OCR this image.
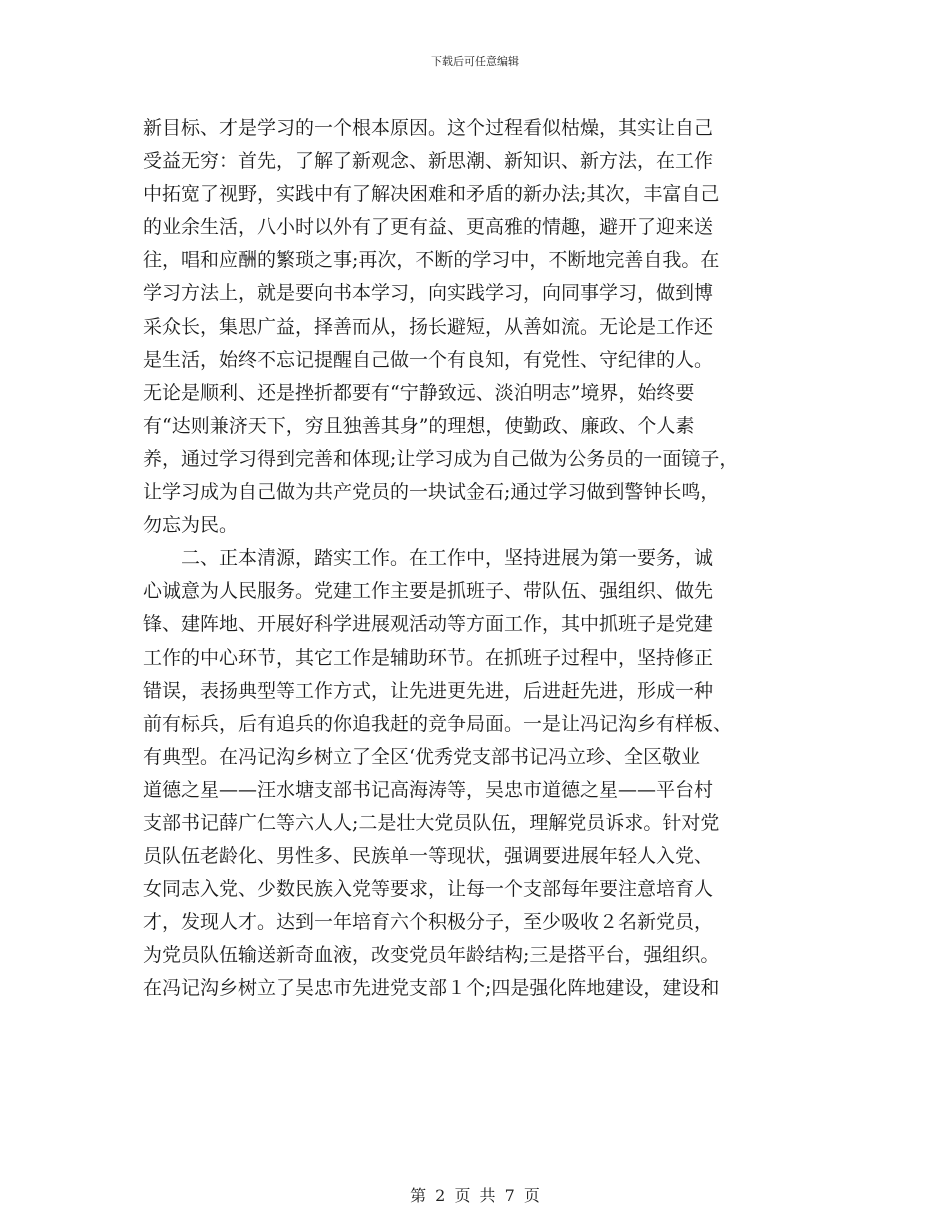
下载后可任意编辑
新目标、才是学习的一个根本原因。这个过程看似枯燥，其实让自己
受益无穷：首先，了解了新观念、新思潮、新知识、新方法，在工作
中拓宽了视野，实践中有了解决困难和矛盾的新办法;其次，丰富自己
的业余生活，八小时以外有了更有益、更高雅的情趣，避开了迎来送
往，唱和应酬的繁琐之事;再次，不断的学习中，不断地完善自我。在
学习方法上，就是要向书本学习，向实践学习，向同事学习，做到博
采众长，集思广益，择善而从，扬长避短，从善如流。无论是工作还
是生活，始终不忘记提醒自己做一个有良知，有党性、守纪律的人。
无论是顺利、还是挫折都要有“宁静致远、淡泊明志”境界，始终要
有“达则兼济天下，穷且独善其身”的理想，使勤政、廉政、个人素
养，通过学习得到完善和体现;让学习成为自己做为公务员的一面镜子，
让学习成为自己做为共产党员的一块试金石;通过学习做到警钟长鸣，
勿忘为民。
二、正本清源，踏实工作。在工作中，坚持进展为第一要务，诚
心诚意为人民服务。党建工作主要是抓班子、带队伍、强组织、做先
锋、建阵地、开展好科学进展观活动等方面工作，其中抓班子是党建
工作的中心环节，其它工作是辅助环节。在抓班子过程中，坚持修正
错误，表扬典型等工作方式，让先进更先进，后进赶先进，形成一种
前有标兵，后有追兵的你追我赶的竞争局面。一是让冯记沟乡有样板、
有典型。在冯记沟乡树立了全区‘优秀党支部书记冯立珍、全区敬业
道德之星——汪水塘支部书记高海涛等，吴忠市道德之星——平台村
支部书记薛广仁等六人人;二是壮大党员队伍，理解党员诉求。针对党
员队伍老龄化、男性多、民族单一等现状，强调要进展年轻人入党、
女同志入党、少数民族入党等要求，让每一个支部每年要注意培育人
才，发现人才。达到一年培育六个积极分子，至少吸收２名新党员，
为党员队伍输送新奇血液，改变党员年龄结构;三是搭平台，强组织。
在冯记沟乡树立了吴忠市先进党支部１个;四是强化阵地建设，建设和
第 2 页 共 7 页
